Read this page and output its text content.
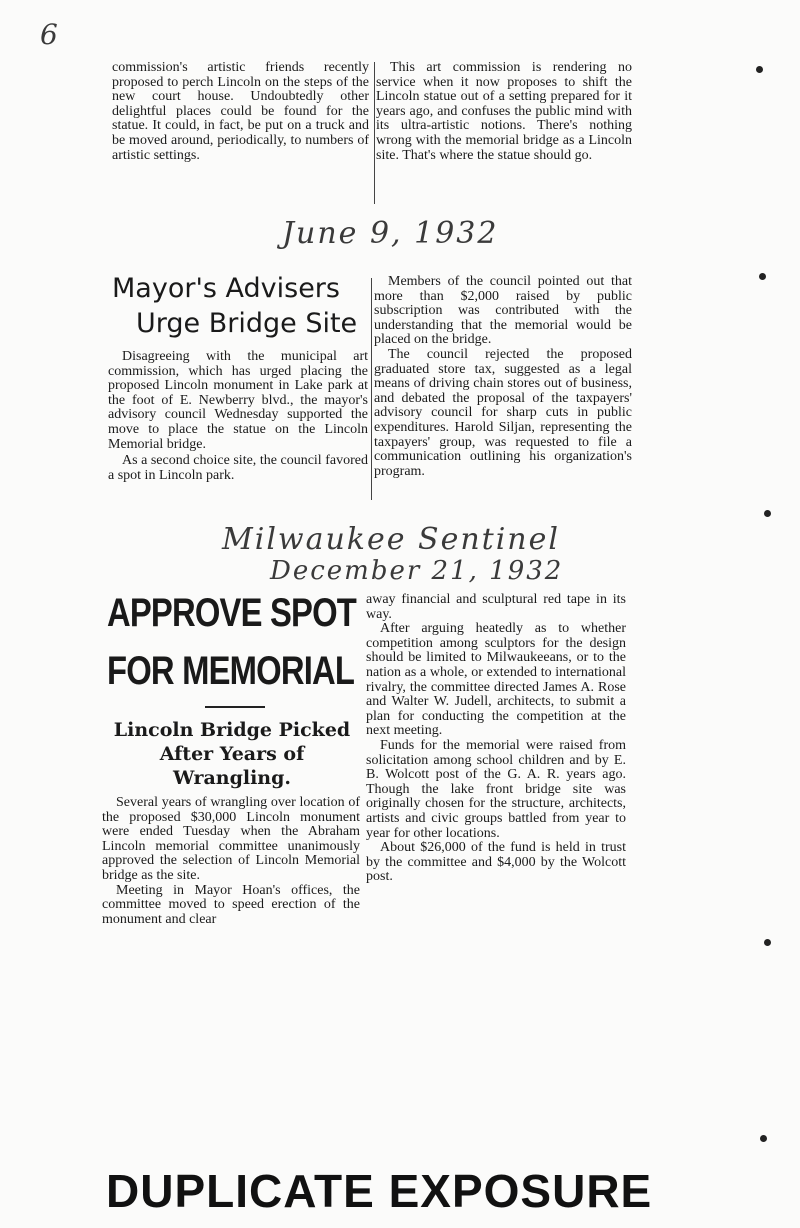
6

commission's artistic friends recently proposed to perch Lincoln on the steps of the new court house. Undoubtedly other delightful places could be found for the statue. It could, in fact, be put on a truck and be moved around, periodically, to numbers of artistic settings.

This art commission is rendering no service when it now proposes to shift the Lincoln statue out of a setting prepared for it years ago, and confuses the public mind with its ultra-artistic notions. There's nothing wrong with the memorial bridge as a Lincoln site. That's where the statue should go.

June 9, 1932

Mayor's Advisers

Urge Bridge Site

Disagreeing with the municipal art commission, which has urged placing the proposed Lincoln monument in Lake park at the foot of E. Newberry blvd., the mayor's advisory council Wednesday supported the move to place the statue on the Lincoln Memorial bridge.

As a second choice site, the council favored a spot in Lincoln park.

Members of the council pointed out that more than $2,000 raised by public subscription was contributed with the understanding that the memorial would be placed on the bridge.

The council rejected the proposed graduated store tax, suggested as a legal means of driving chain stores out of business, and debated the proposal of the taxpayers' advisory council for sharp cuts in public expenditures. Harold Siljan, representing the taxpayers' group, was requested to file a communication outlining his organization's program.

Milwaukee Sentinel
December 21, 1932

APPROVE SPOT

FOR MEMORIAL

Lincoln Bridge Picked

After Years of

Wrangling.

Several years of wrangling over location of the proposed $30,000 Lincoln monument were ended Tuesday when the Abraham Lincoln memorial committee unanimously approved the selection of Lincoln Memorial bridge as the site.

Meeting in Mayor Hoan's offices, the committee moved to speed erection of the monument and clear

away financial and sculptural red tape in its way.

After arguing heatedly as to whether competition among sculptors for the design should be limited to Milwaukeeans, or to the nation as a whole, or extended to international rivalry, the committee directed James A. Rose and Walter W. Judell, architects, to submit a plan for conducting the competition at the next meeting.

Funds for the memorial were raised from solicitation among school children and by E. B. Wolcott post of the G. A. R. years ago. Though the lake front bridge site was originally chosen for the structure, architects, artists and civic groups battled from year to year for other locations.

About $26,000 of the fund is held in trust by the committee and $4,000 by the Wolcott post.

DUPLICATE EXPOSURE
